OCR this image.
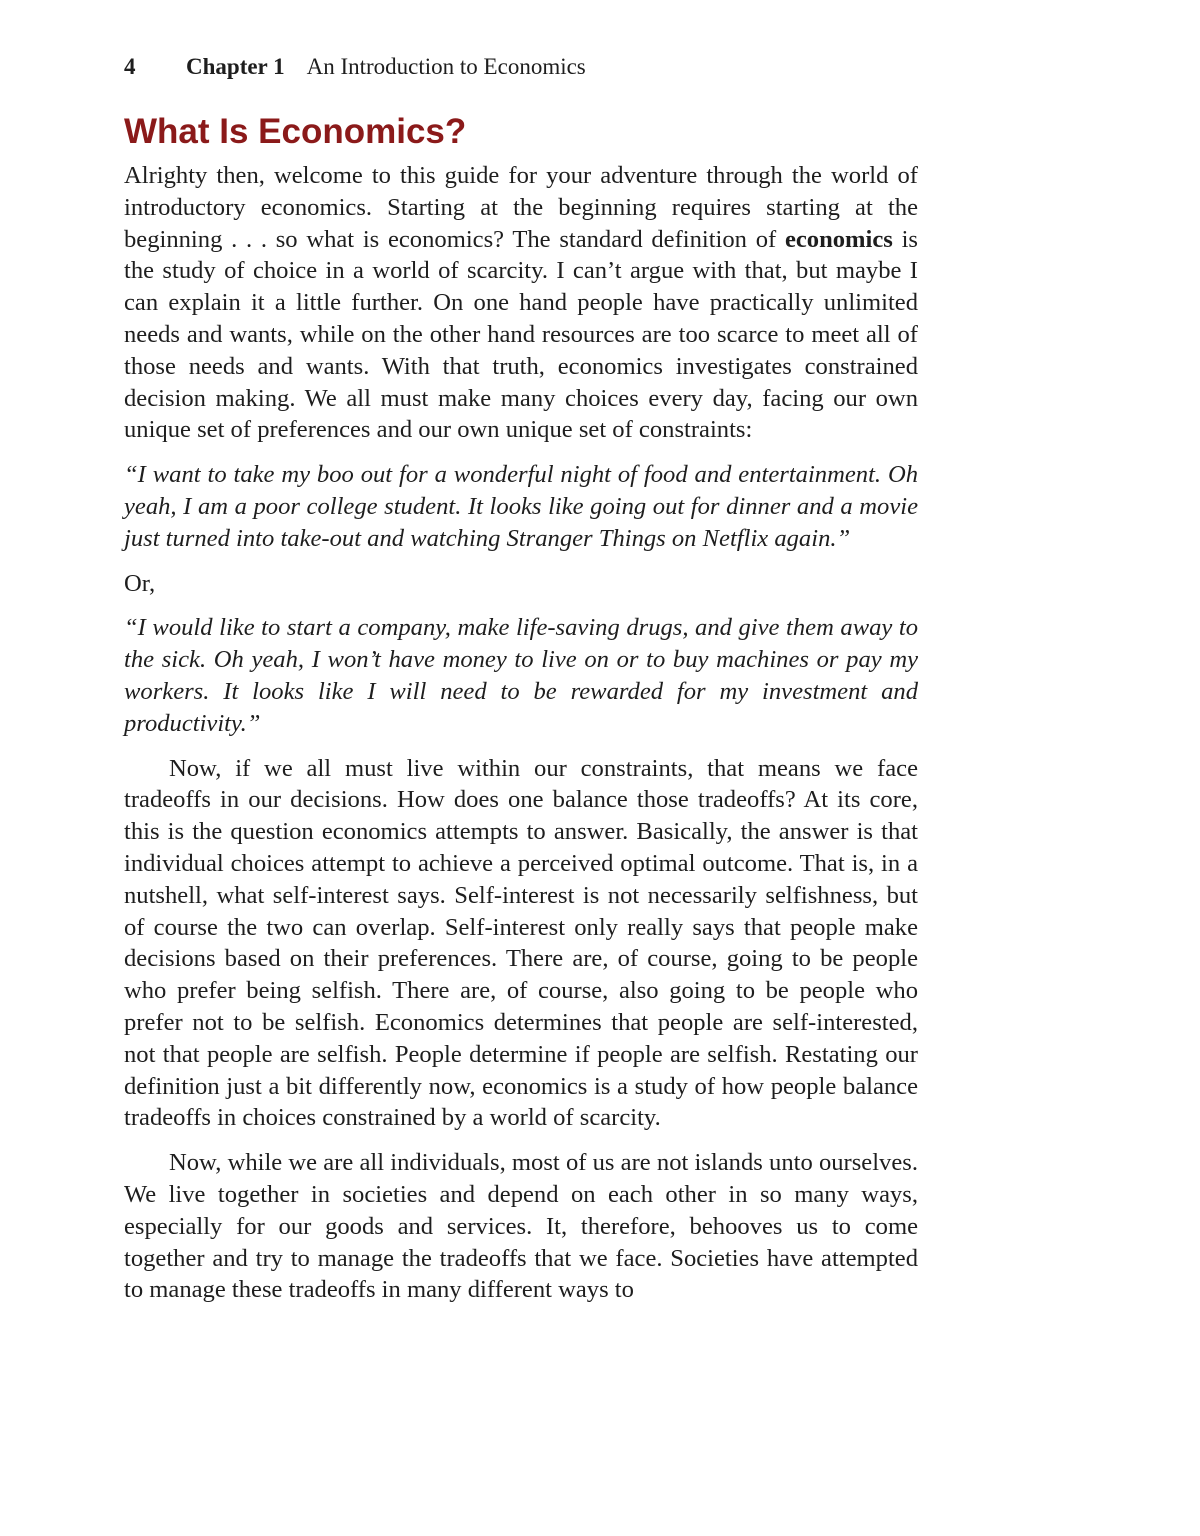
4 Chapter 1 An Introduction to Economics
What Is Economics?

Alrighty then, welcome to this guide for your adventure through the world of introductory economics. Starting at the beginning requires starting at the beginning . . . so what is economics? The standard definition of economics is the study of choice in a world of scarcity. I can’t argue with that, but maybe I can explain it a little further. On one hand people have practically unlimited needs and wants, while on the other hand resources are too scarce to meet all of those needs and wants. With that truth, economics investigates constrained decision making. We all must make many choices every day, facing our own unique set of preferences and our own unique set of constraints:

“I want to take my boo out for a wonderful night of food and entertainment. Oh yeah, I am a poor college student. It looks like going out for dinner and a movie just turned into take-out and watching Stranger Things on Netflix again.”

Or,

“I would like to start a company, make life-saving drugs, and give them away to the sick. Oh yeah, I won’t have money to live on or to buy machines or pay my workers. It looks like I will need to be rewarded for my investment and productivity.”

Now, if we all must live within our constraints, that means we face tradeoffs in our decisions. How does one balance those tradeoffs? At its core, this is the question economics attempts to answer. Basically, the answer is that individual choices attempt to achieve a perceived optimal outcome. That is, in a nutshell, what self-interest says. Self-interest is not necessarily selfishness, but of course the two can overlap. Self-interest only really says that people make decisions based on their preferences. There are, of course, going to be people who prefer being selfish. There are, of course, also going to be people who prefer not to be selfish. Economics determines that people are self-interested, not that people are selfish. People determine if people are selfish. Restating our definition just a bit differently now, economics is a study of how people balance tradeoffs in choices constrained by a world of scarcity.

Now, while we are all individuals, most of us are not islands unto ourselves. We live together in societies and depend on each other in so many ways, especially for our goods and services. It, therefore, behooves us to come together and try to manage the tradeoffs that we face. Societies have attempted to manage these tradeoffs in many different ways to
